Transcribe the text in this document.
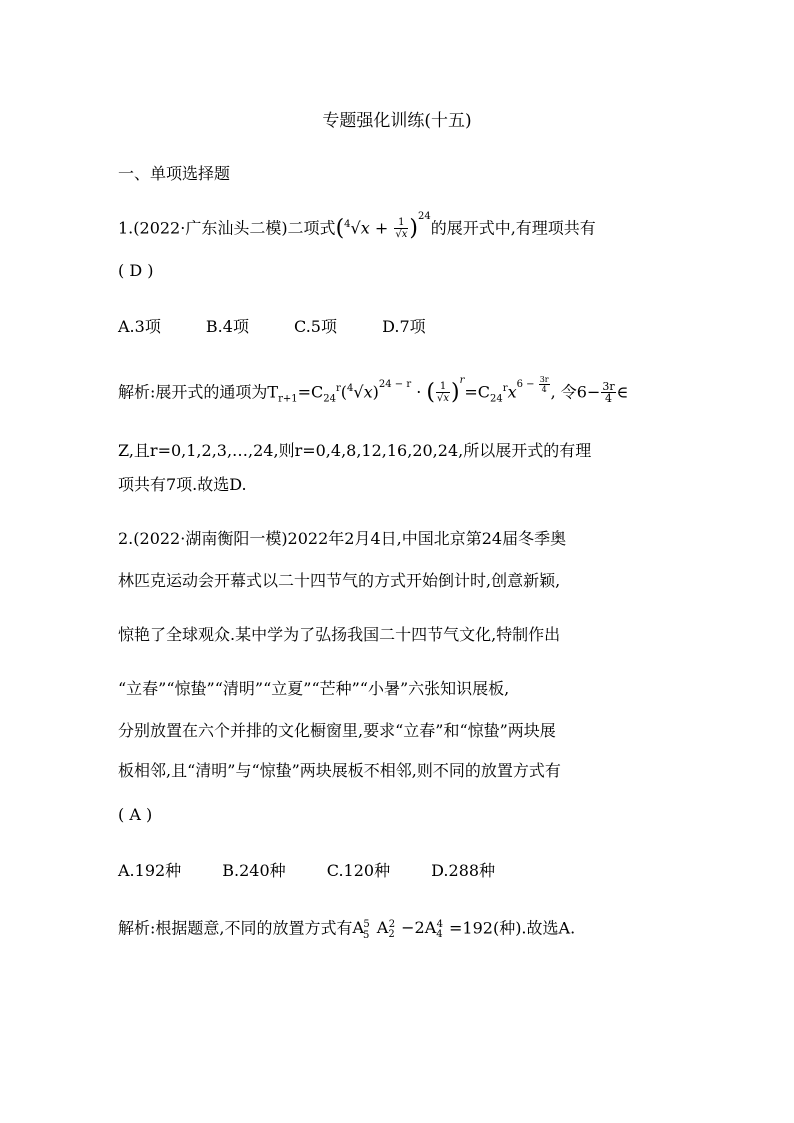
专题强化训练(十五)
一、单项选择题
1.(2022·广东汕头二模)二项式$(^4√x + \frac{1}{√x} )^{24}$的展开式中,有理项共有
( D )
A.3项	B.4项	C.5项	D.7项
解析:展开式的通项为$T_{r+1}=C_{24}^r(^4√x)^{24 - r}$ · ( $\frac{1}{√x} )^r=C_{24}^rx^{6 - \frac{3r}{4}}$ , 令$6- \frac{3r}{4}$ ∈
Z,且r=0,1,2,3,…,24,则r=0,4,8,12,16,20,24,所以展开式的有理
项共有7项.故选D.
2.(2022·湖南衡阳一模)2022年2月4日,中国北京第24届冬季奥
林匹克运动会开幕式以二十四节气的方式开始倒计时,创意新颖,
惊艳了全球观众.某中学为了弘扬我国二十四节气文化,特制作出
“立春”“惊蛰”“清明”“立夏”“芒种”“小暑”六张知识展板,
分别放置在六个并排的文化橱窗里,要求“立春”和“惊蛰”两块展
板相邻,且“清明”与“惊蛰”两块展板不相邻,则不同的放置方式有
( A )
A.192种	B.240种	C.120种	D.288种
解析:根据题意,不同的放置方式有$A_5^5$ $A_2^2 -2A_4^4 =192$(种).故选A.
